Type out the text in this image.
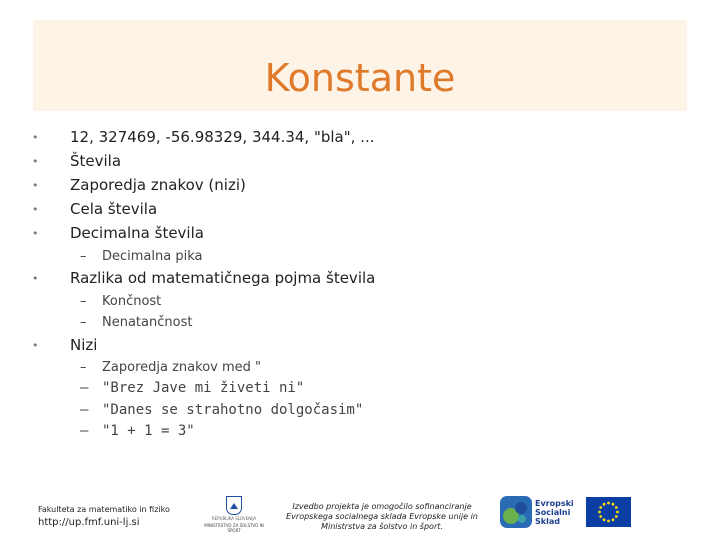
Konstante
• 12, 327469, -56.98329, 344.34, "bla", ...
• Števila
• Zaporedja znakov (nizi)
• Cela števila
• Decimalna števila
– Decimalna pika
• Razlika od matematičnega pojma števila
– Končnost
– Nenatančnost
• Nizi
– Zaporedja znakov med "
– "Brez Jave mi živeti ni"
– "Danes se strahotno dolgočasim"
– "1 + 1 = 3"
Fakulteta za matematiko in fiziko
http://up.fmf.uni-lj.si	REPUBLIKA SLOVENIJA
MINISTRSTVO ZA ŠOLSTVO IN ŠPORT
Izvedbo projekta je omogočilo sofinanciranje Evropskega socialnega sklada Evropske unije in Ministrstva za šolstvo in šport.
Evropski
Socialni
Sklad
